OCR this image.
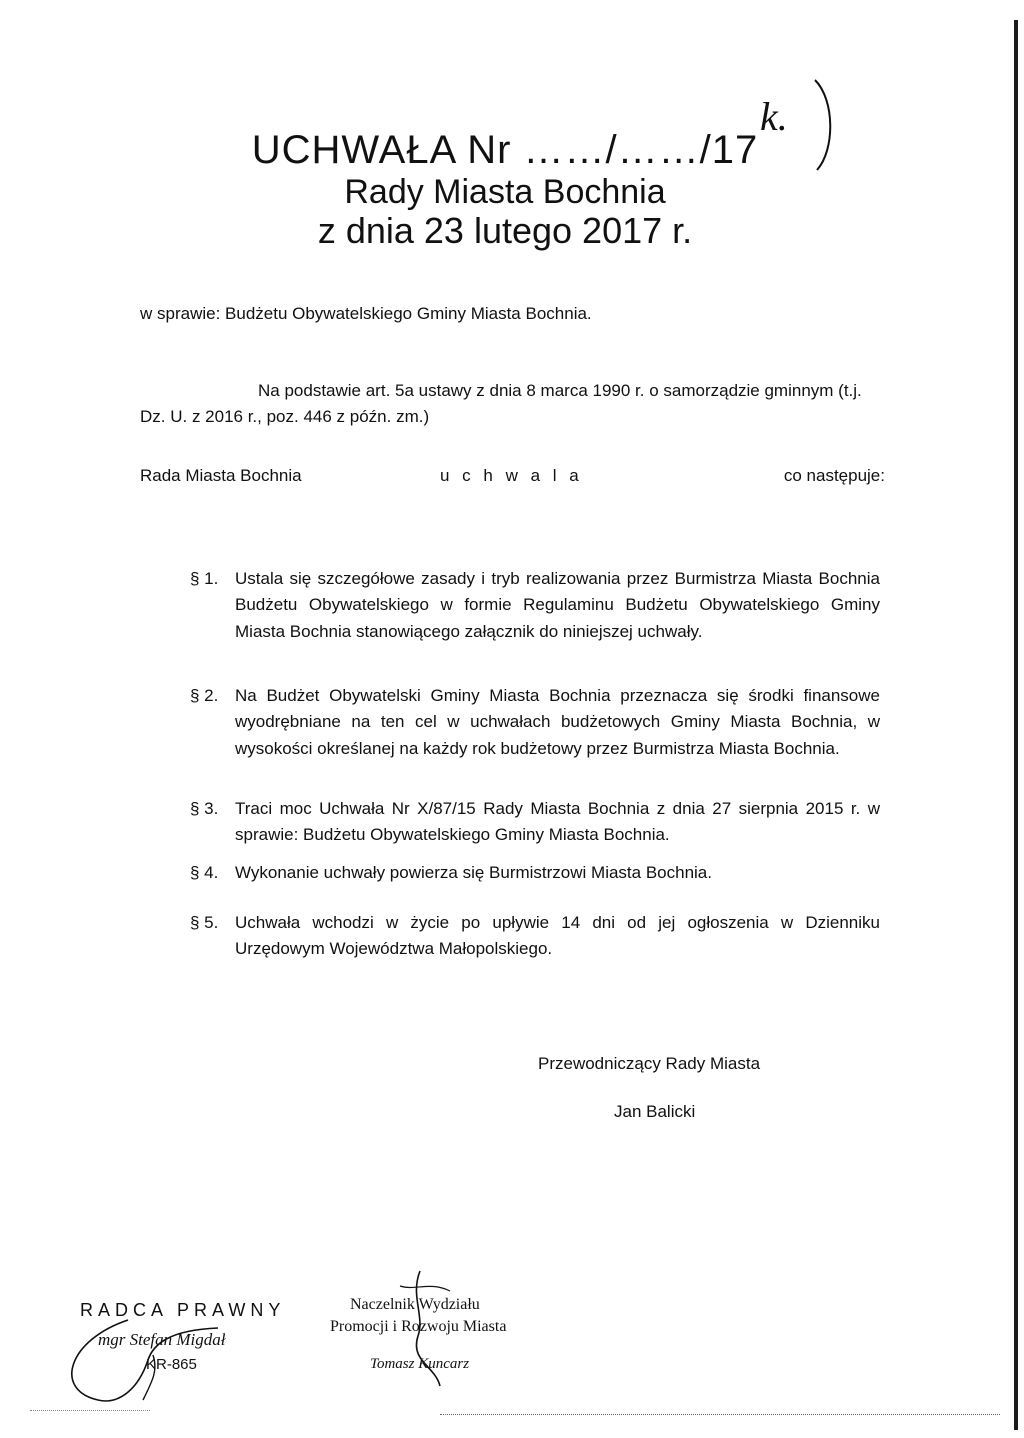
UCHWAŁA Nr ……/……/17
Rady Miasta Bochnia
z dnia 23 lutego 2017 r.
k.
w sprawie: Budżetu Obywatelskiego Gminy Miasta Bochnia.

Na podstawie art. 5a ustawy z dnia 8 marca 1990 r. o samorządzie gminnym (t.j. Dz. U. z 2016 r., poz. 446 z późn. zm.)

Rada Miasta Bochnia	u c h w a l a	co następuje:

§ 1. Ustala się szczegółowe zasady i tryb realizowania przez Burmistrza Miasta Bochnia Budżetu Obywatelskiego w formie Regulaminu Budżetu Obywatelskiego Gminy Miasta Bochnia stanowiącego załącznik do niniejszej uchwały.

§ 2. Na Budżet Obywatelski Gminy Miasta Bochnia przeznacza się środki finansowe wyodrębniane na ten cel w uchwałach budżetowych Gminy Miasta Bochnia, w wysokości określanej na każdy rok budżetowy przez Burmistrza Miasta Bochnia.

§ 3. Traci moc Uchwała Nr X/87/15 Rady Miasta Bochnia z dnia 27 sierpnia 2015 r. w sprawie: Budżetu Obywatelskiego Gminy Miasta Bochnia.

§ 4. Wykonanie uchwały powierza się Burmistrzowi Miasta Bochnia.

§ 5. Uchwała wchodzi w życie po upływie 14 dni od jej ogłoszenia w Dzienniku Urzędowym Województwa Małopolskiego.

Przewodniczący Rady Miasta
Jan Balicki
RADCA PRAWNY
mgr Stefan Migdał
KR-865
Naczelnik Wydziału
Promocji i Rozwoju Miasta
Tomasz Kuncarz
